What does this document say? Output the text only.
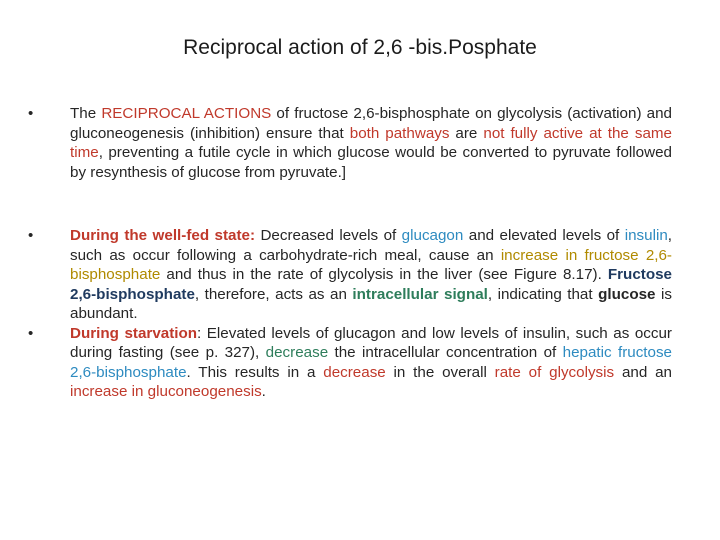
Reciprocal action of 2,6 -bis.Posphate
•	The RECIPROCAL ACTIONS of fructose 2,6-bisphosphate on glycolysis (activation) and gluconeogenesis (inhibition) ensure that both pathways are not fully active at the same time, preventing a futile cycle in which glucose would be converted to pyruvate followed by resynthesis of glucose from pyruvate.]
•	During the well-fed state: Decreased levels of glucagon and elevated levels of insulin, such as occur following a carbohydrate-rich meal, cause an increase in fructose 2,6-bisphosphate and thus in the rate of glycolysis in the liver (see Figure 8.17). Fructose 2,6-bisphosphate, therefore, acts as an intracellular signal, indicating that glucose is abundant.
•	During starvation: Elevated levels of glucagon and low levels of insulin, such as occur during fasting (see p. 327), decrease the intracellular concentration of hepatic fructose 2,6-bisphosphate. This results in a decrease in the overall rate of glycolysis and an increase in gluconeogenesis.
